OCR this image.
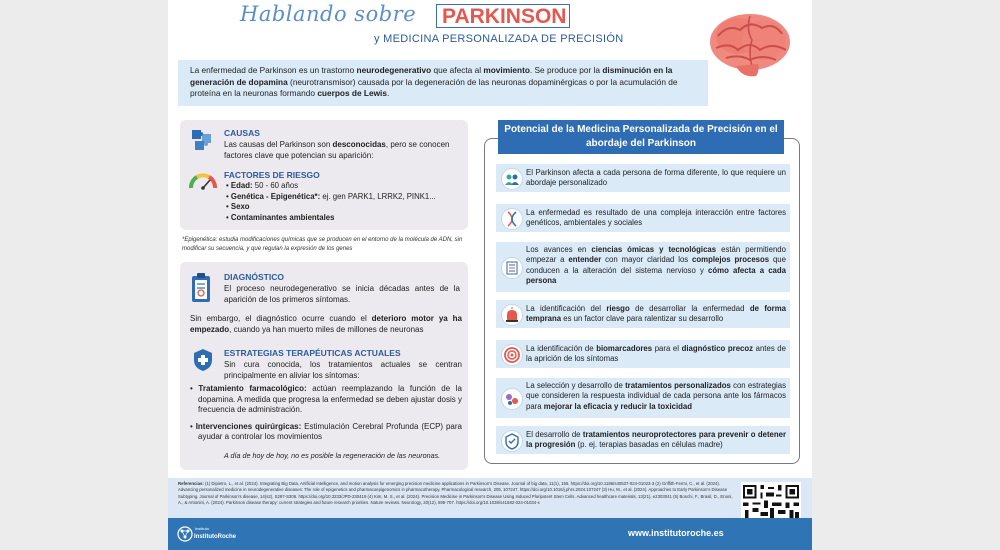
Hablando sobre PARKINSON
y MEDICINA PERSONALIZADA DE PRECISIÓN
La enfermedad de Parkinson es un trastorno neurodegenerativo que afecta al movimiento. Se produce por la disminución en la generación de dopamina (neurotransmisor) causada por la degeneración de las neuronas dopaminérgicas o por la acumulación de proteína en la neuronas formando cuerpos de Lewis.
CAUSAS
Las causas del Parkinson son desconocidas, pero se conocen factores clave que potencian su aparición:
FACTORES DE RIESGO
• Edad: 50 - 60 años
• Genética - Epigenética*: ej. gen PARK1, LRRK2, PINK1...
• Sexo
• Contaminantes ambientales
*Epigenética: estudia modificaciones químicas que se producen en el entorno de la molécula de ADN, sin modificar su secuencia, y que regulan la expresión de los genes
DIAGNÓSTICO
El proceso neurodegenerativo se inicia décadas antes de la aparición de los primeros síntomas.
Sin embargo, el diagnóstico ocurre cuando el deterioro motor ya ha empezado, cuando ya han muerto miles de millones de neuronas
ESTRATEGIAS TERAPÉUTICAS ACTUALES
Sin cura conocida, los tratamientos actuales se centran principalmente en aliviar los síntomas:
• Tratamiento farmacológico: actúan reemplazando la función de la dopamina. A medida que progresa la enfermedad se deben ajustar dosis y frecuencia de administración.
• Intervenciones quirúrgicas: Estimulación Cerebral Profunda (ECP) para ayudar a controlar los movimientos
A día de hoy de hoy, no es posible la regeneración de las neuronas.
Potencial de la Medicina Personalizada de Precisión en el abordaje del Parkinson
El Parkinson afecta a cada persona de forma diferente, lo que requiere un abordaje personalizado
La enfermedad es resultado de una compleja interacción entre factores genéticos, ambientales y sociales
Los avances en ciencias ómicas y tecnológicas están permitiendo empezar a entender con mayor claridad los complejos procesos que conducen a la alteración del sistema nervioso y cómo afecta a cada persona
La identificación del riesgo de desarrollar la enfermedad de forma temprana es un factor clave para ralentizar su desarrollo
La identificación de biomarcadores para el diagnóstico precoz antes de la aprición de los síntomas
La selección y desarrollo de tratamientos personalizados con estrategias que consideren la respuesta individual de cada persona ante los fármacos para mejorar la eficacia y reducir la toxicidad
El desarrollo de tratamientos neuroprotectores para prevenir o detener la progresión (p. ej. terapias basadas en células madre)
Referencias: (1) Dipietro, L., et al. (2024). Integrating Big Data, Artificial Intelligence, and motion analysis for emerging precision medicine applications in Parkinson's Disease. Journal of big data, 11(1), 155. https://doi.org/10.1186/s40537-024-01023-3 (2) Griffith-Fermi, C., et al. (2024). Advancing personalized medicine in neurodegenerative diseases: The role of epigenetics and pharmacoepigenomics in pharmacotherapy. Pharmacological research, 205, 107247. https://doi.org/10.1016/j.phrs.2024.107247 (3) Hu, M., et al. (2024). Approaches to Early Parkinson's Disease Subtyping. Journal of Parkinson's disease, 14(s2), S297-S306. https://doi.org/10.3233/JPD-230419 (4) Kim, M. S., et al. (2024). Precision Medicine in Parkinson's Disease Using Induced Pluripotent Stem Cells. Advanced healthcare materials, 13(21), e2303041 (5) Boschi, F., Brasil, D., Enoni, A., & Antonini, A. (2024). Parkinson disease therapy: current strategies and future research priorities. Nature reviews. Neurology, 20(12), 695-707. https://doi.org/10.1038/s41582-024-01034-x
Instituto
InstitutoRoche	www.institutoroche.es
